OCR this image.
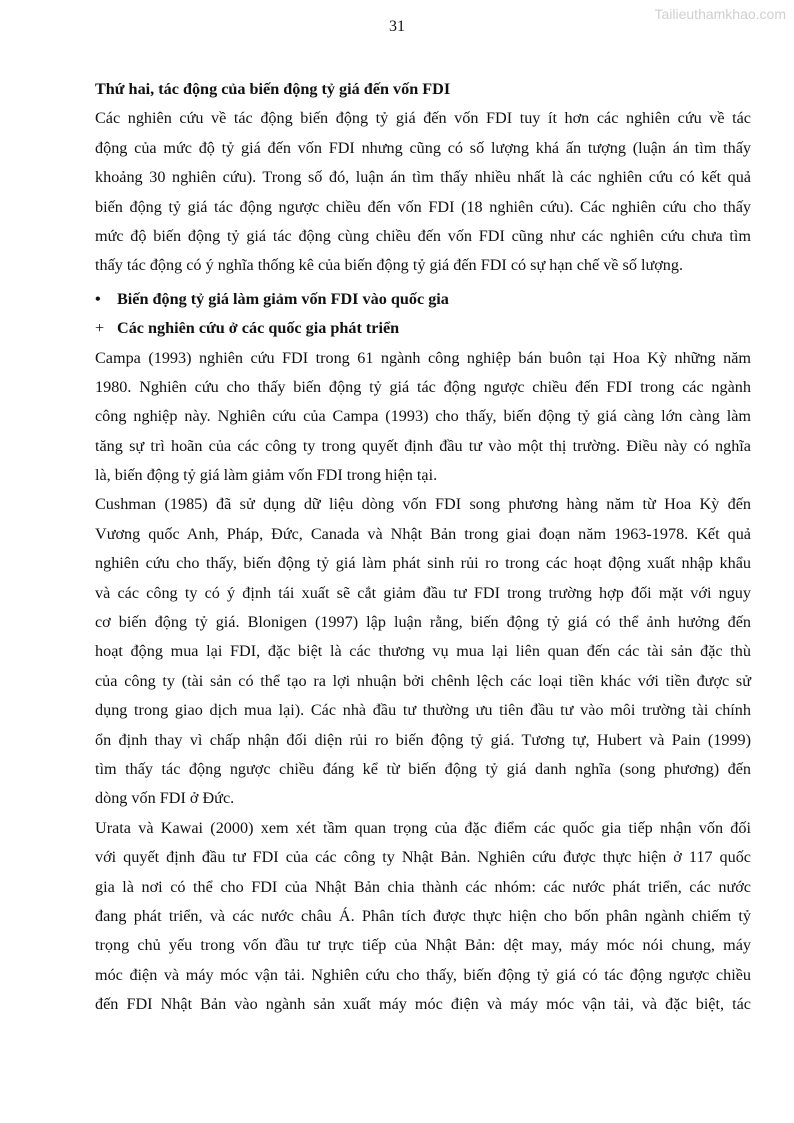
Tailieuthamkhao.com
31
Thứ hai, tác động của biến động tỷ giá đến vốn FDI
Các nghiên cứu về tác động biến động tỷ giá đến vốn FDI tuy ít hơn các nghiên cứu về tác
động của mức độ tỷ giá đến vốn FDI nhưng cũng có số lượng khá ấn tượng (luận án tìm thấy
khoảng 30 nghiên cứu). Trong số đó, luận án tìm thấy nhiều nhất là các nghiên cứu có kết quả
biến động tỷ giá tác động ngược chiều đến vốn FDI (18 nghiên cứu). Các nghiên cứu cho thấy
mức độ biến động tỷ giá tác động cùng chiều đến vốn FDI cũng như các nghiên cứu chưa tìm
thấy tác động có ý nghĩa thống kê của biến động tỷ giá đến FDI có sự hạn chế về số lượng.
• Biến động tỷ giá làm giảm vốn FDI vào quốc gia
+ Các nghiên cứu ở các quốc gia phát triển
Campa (1993) nghiên cứu FDI trong 61 ngành công nghiệp bán buôn tại Hoa Kỳ những năm
1980. Nghiên cứu cho thấy biến động tỷ giá tác động ngược chiều đến FDI trong các ngành
công nghiệp này. Nghiên cứu của Campa (1993) cho thấy, biến động tỷ giá càng lớn càng làm
tăng sự trì hoãn của các công ty trong quyết định đầu tư vào một thị trường. Điều này có nghĩa
là, biến động tỷ giá làm giảm vốn FDI trong hiện tại.
Cushman (1985) đã sử dụng dữ liệu dòng vốn FDI song phương hàng năm từ Hoa Kỳ đến
Vương quốc Anh, Pháp, Đức, Canada và Nhật Bản trong giai đoạn năm 1963-1978. Kết quả
nghiên cứu cho thấy, biến động tỷ giá làm phát sinh rủi ro trong các hoạt động xuất nhập khẩu
và các công ty có ý định tái xuất sẽ cắt giảm đầu tư FDI trong trường hợp đối mặt với nguy
cơ biến động tỷ giá. Blonigen (1997) lập luận rằng, biến động tỷ giá có thể ảnh hưởng đến
hoạt động mua lại FDI, đặc biệt là các thương vụ mua lại liên quan đến các tài sản đặc thù
của công ty (tài sản có thể tạo ra lợi nhuận bởi chênh lệch các loại tiền khác với tiền được sử
dụng trong giao dịch mua lại). Các nhà đầu tư thường ưu tiên đầu tư vào môi trường tài chính
ổn định thay vì chấp nhận đối diện rủi ro biến động tỷ giá. Tương tự, Hubert và Pain (1999)
tìm thấy tác động ngược chiều đáng kể từ biến động tỷ giá danh nghĩa (song phương) đến
dòng vốn FDI ở Đức.
Urata và Kawai (2000) xem xét tầm quan trọng của đặc điểm các quốc gia tiếp nhận vốn đối
với quyết định đầu tư FDI của các công ty Nhật Bản. Nghiên cứu được thực hiện ở 117 quốc
gia là nơi có thể cho FDI của Nhật Bản chia thành các nhóm: các nước phát triển, các nước
đang phát triển, và các nước châu Á. Phân tích được thực hiện cho bốn phân ngành chiếm tỷ
trọng chủ yếu trong vốn đầu tư trực tiếp của Nhật Bản: dệt may, máy móc nói chung, máy
móc điện và máy móc vận tải. Nghiên cứu cho thấy, biến động tỷ giá có tác động ngược chiều
đến FDI Nhật Bản vào ngành sản xuất máy móc điện và máy móc vận tải, và đặc biệt, tác
